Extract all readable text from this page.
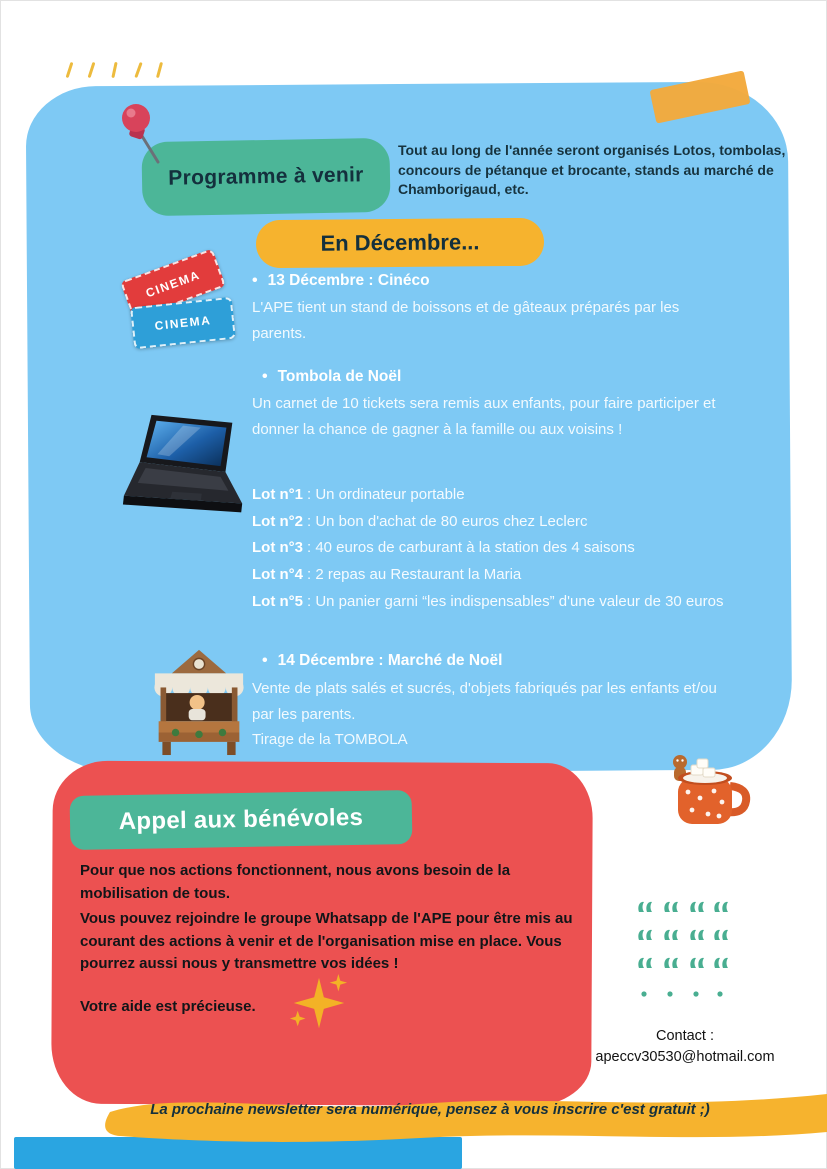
Programme à venir
Tout au long de l'année seront organisés Lotos, tombolas, concours de pétanque et brocante, stands au marché de Chamborigaud, etc.
En Décembre...
CINEMA
CINEMA
•
13 Décembre : Cinéco
L'APE tient un stand de boissons et de gâteaux préparés par les parents.
•
Tombola de Noël
Un carnet de 10 tickets sera remis aux enfants, pour faire participer et donner la chance de gagner à la famille ou aux voisins !
Lot n°1 : Un ordinateur portable
Lot n°2 : Un bon d'achat de 80 euros chez Leclerc
Lot n°3 : 40 euros de carburant à la station des 4 saisons
Lot n°4 : 2 repas au Restaurant la Maria
Lot n°5 : Un panier garni “les indispensables” d'une valeur de 30 euros
•
14 Décembre : Marché de Noël
Vente de plats salés et sucrés, d'objets fabriqués par les enfants et/ou par les parents.
Tirage de la TOMBOLA
Appel aux bénévoles
Pour que nos actions fonctionnent, nous avons besoin de la mobilisation de tous.
Vous pouvez rejoindre le groupe Whatsapp de l'APE pour être mis au courant des actions à venir et de l'organisation mise en place. Vous pourrez aussi nous y transmettre vos idées !
Votre aide est précieuse.
Contact :
apeccv30530@hotmail.com
La prochaine newsletter sera numérique, pensez à vous inscrire c'est gratuit ;)
